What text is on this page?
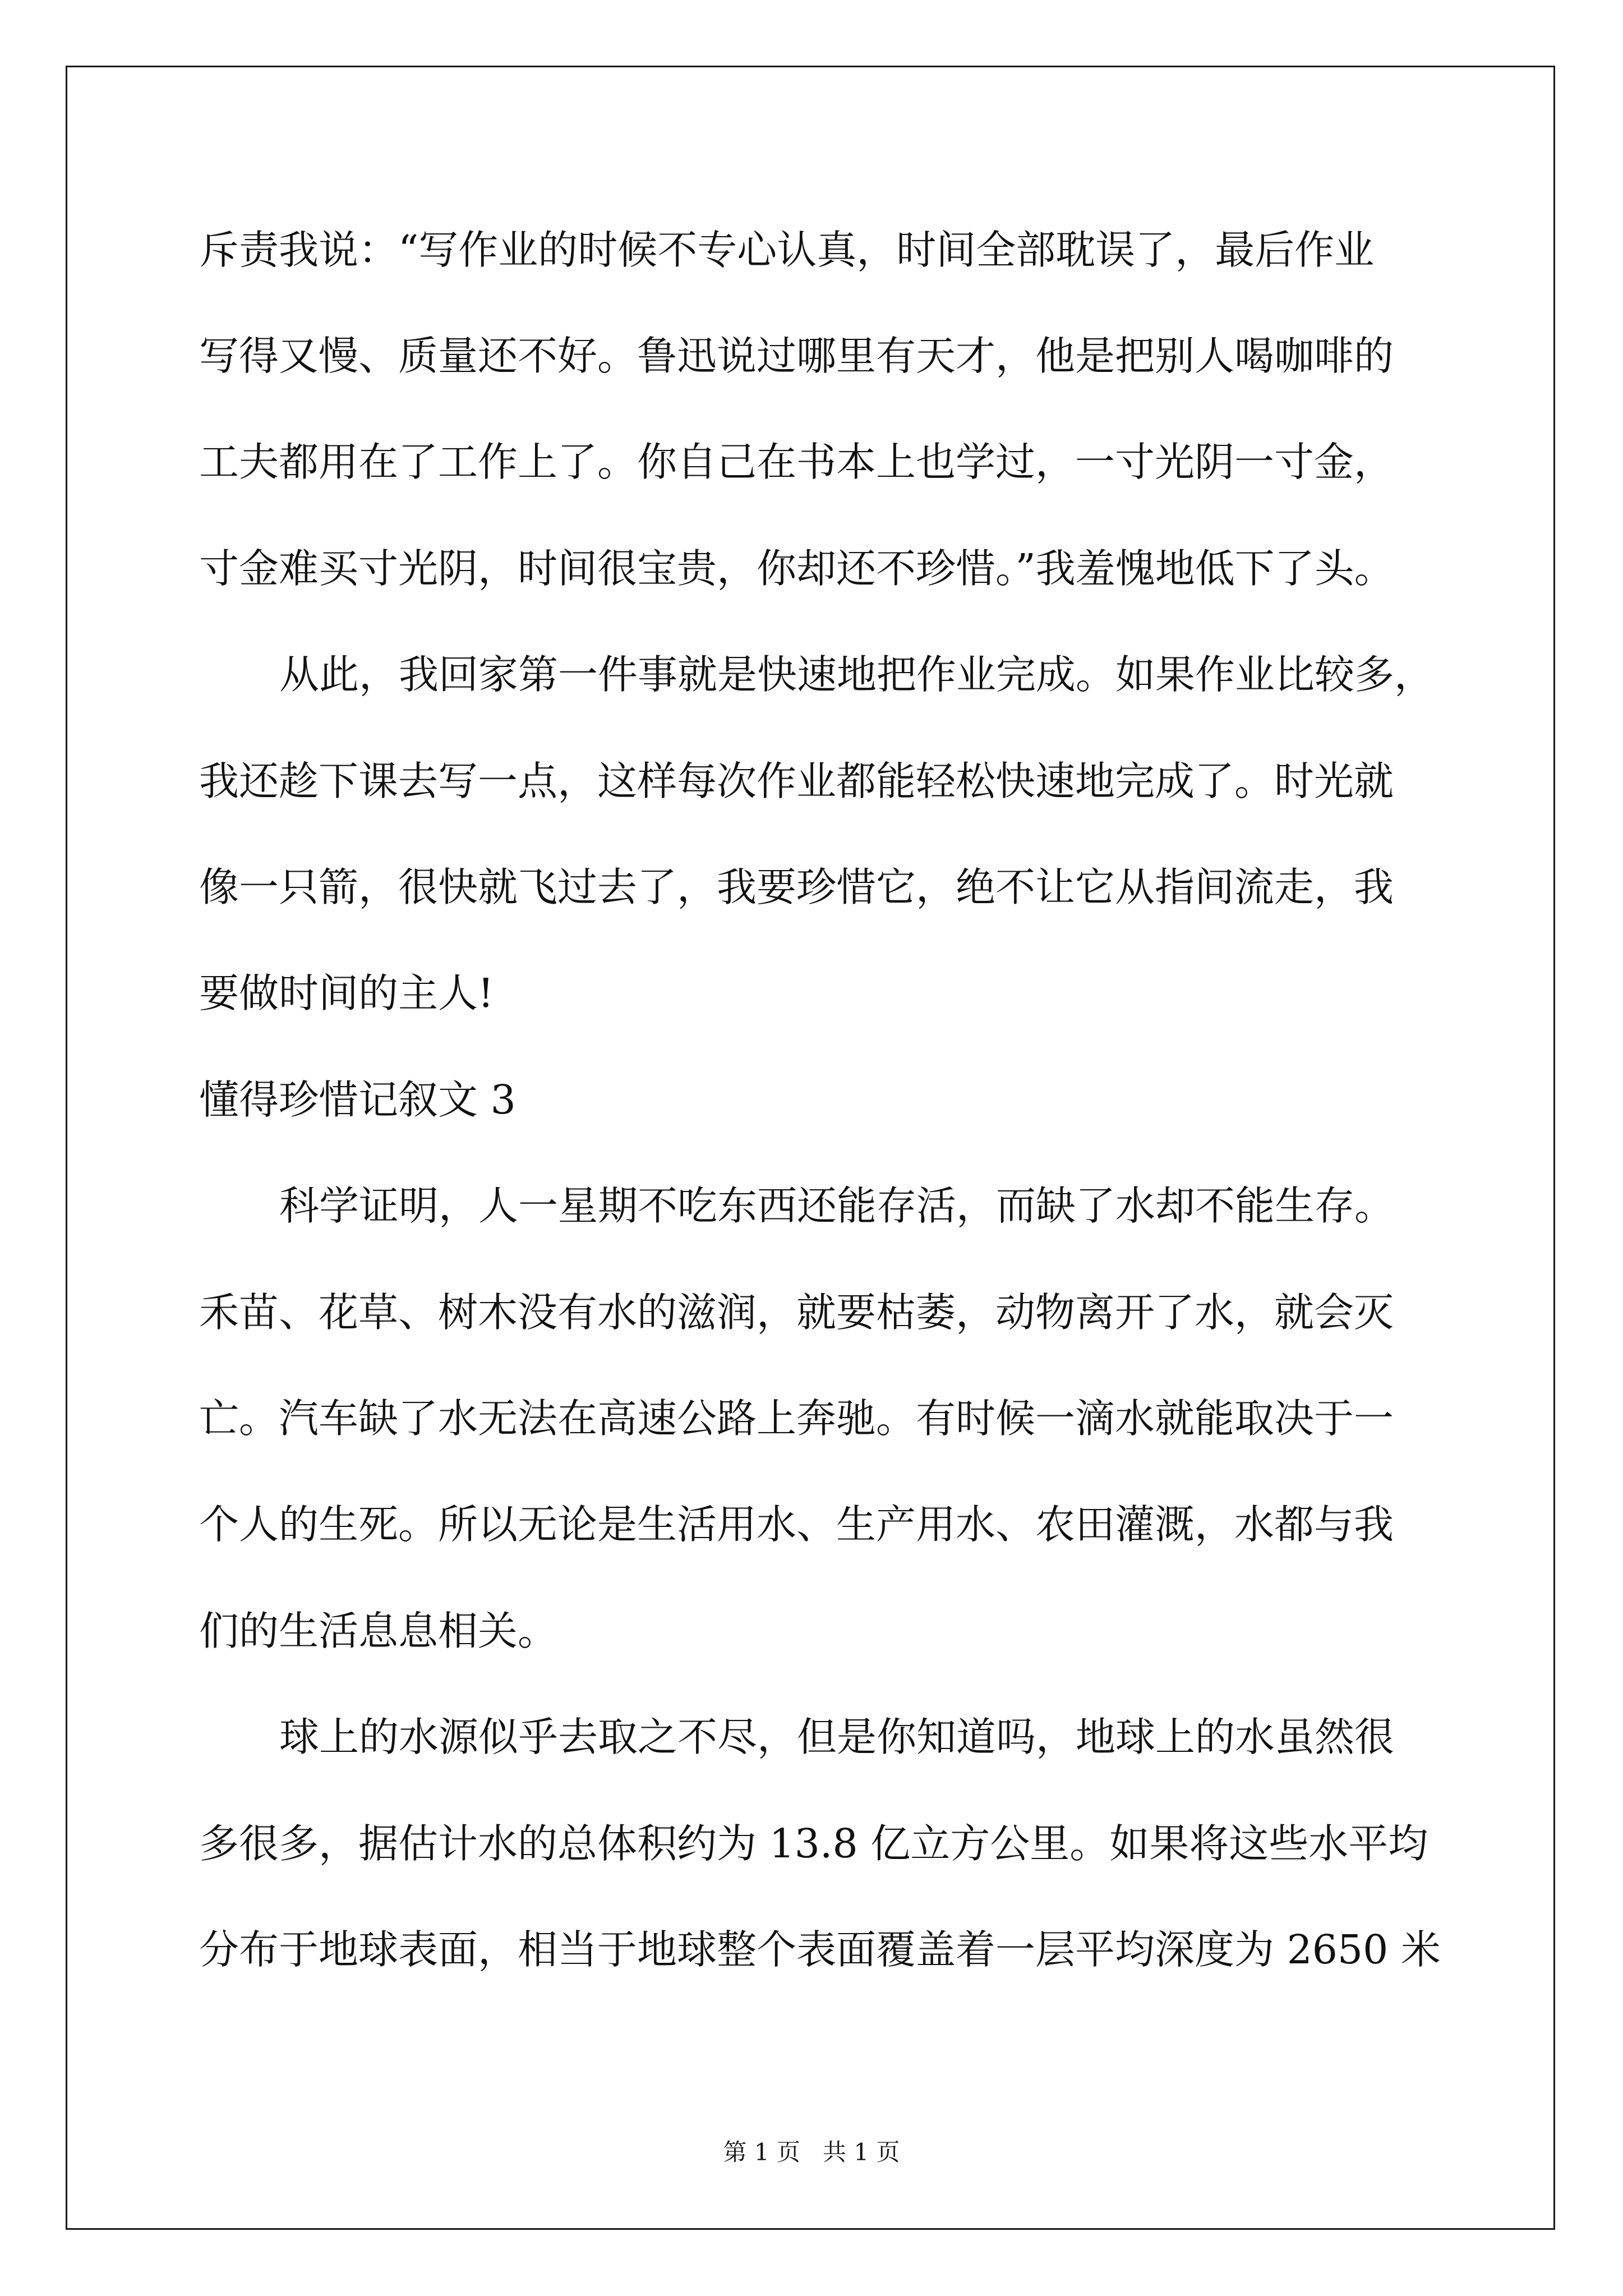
斥责我说：“写作业的时候不专心认真，时间全部耽误了，最后作业
写得又慢、质量还不好。鲁迅说过哪里有天才，他是把别人喝咖啡的
工夫都用在了工作上了。你自己在书本上也学过，一寸光阴一寸金，
寸金难买寸光阴，时间很宝贵，你却还不珍惜。”我羞愧地低下了头。
从此，我回家第一件事就是快速地把作业完成。如果作业比较多，
我还趁下课去写一点，这样每次作业都能轻松快速地完成了。时光就
像一只箭，很快就飞过去了，我要珍惜它，绝不让它从指间流走，我
要做时间的主人!
懂得珍惜记叙文 3
科学证明，人一星期不吃东西还能存活，而缺了水却不能生存。
禾苗、花草、树木没有水的滋润，就要枯萎，动物离开了水，就会灭
亡。汽车缺了水无法在高速公路上奔驰。有时候一滴水就能取决于一
个人的生死。所以无论是生活用水、生产用水、农田灌溉，水都与我
们的生活息息相关。
球上的水源似乎去取之不尽，但是你知道吗，地球上的水虽然很
多很多，据估计水的总体积约为 13.8 亿立方公里。如果将这些水平均
分布于地球表面，相当于地球整个表面覆盖着一层平均深度为 2650 米
第 1 页   共 1 页
